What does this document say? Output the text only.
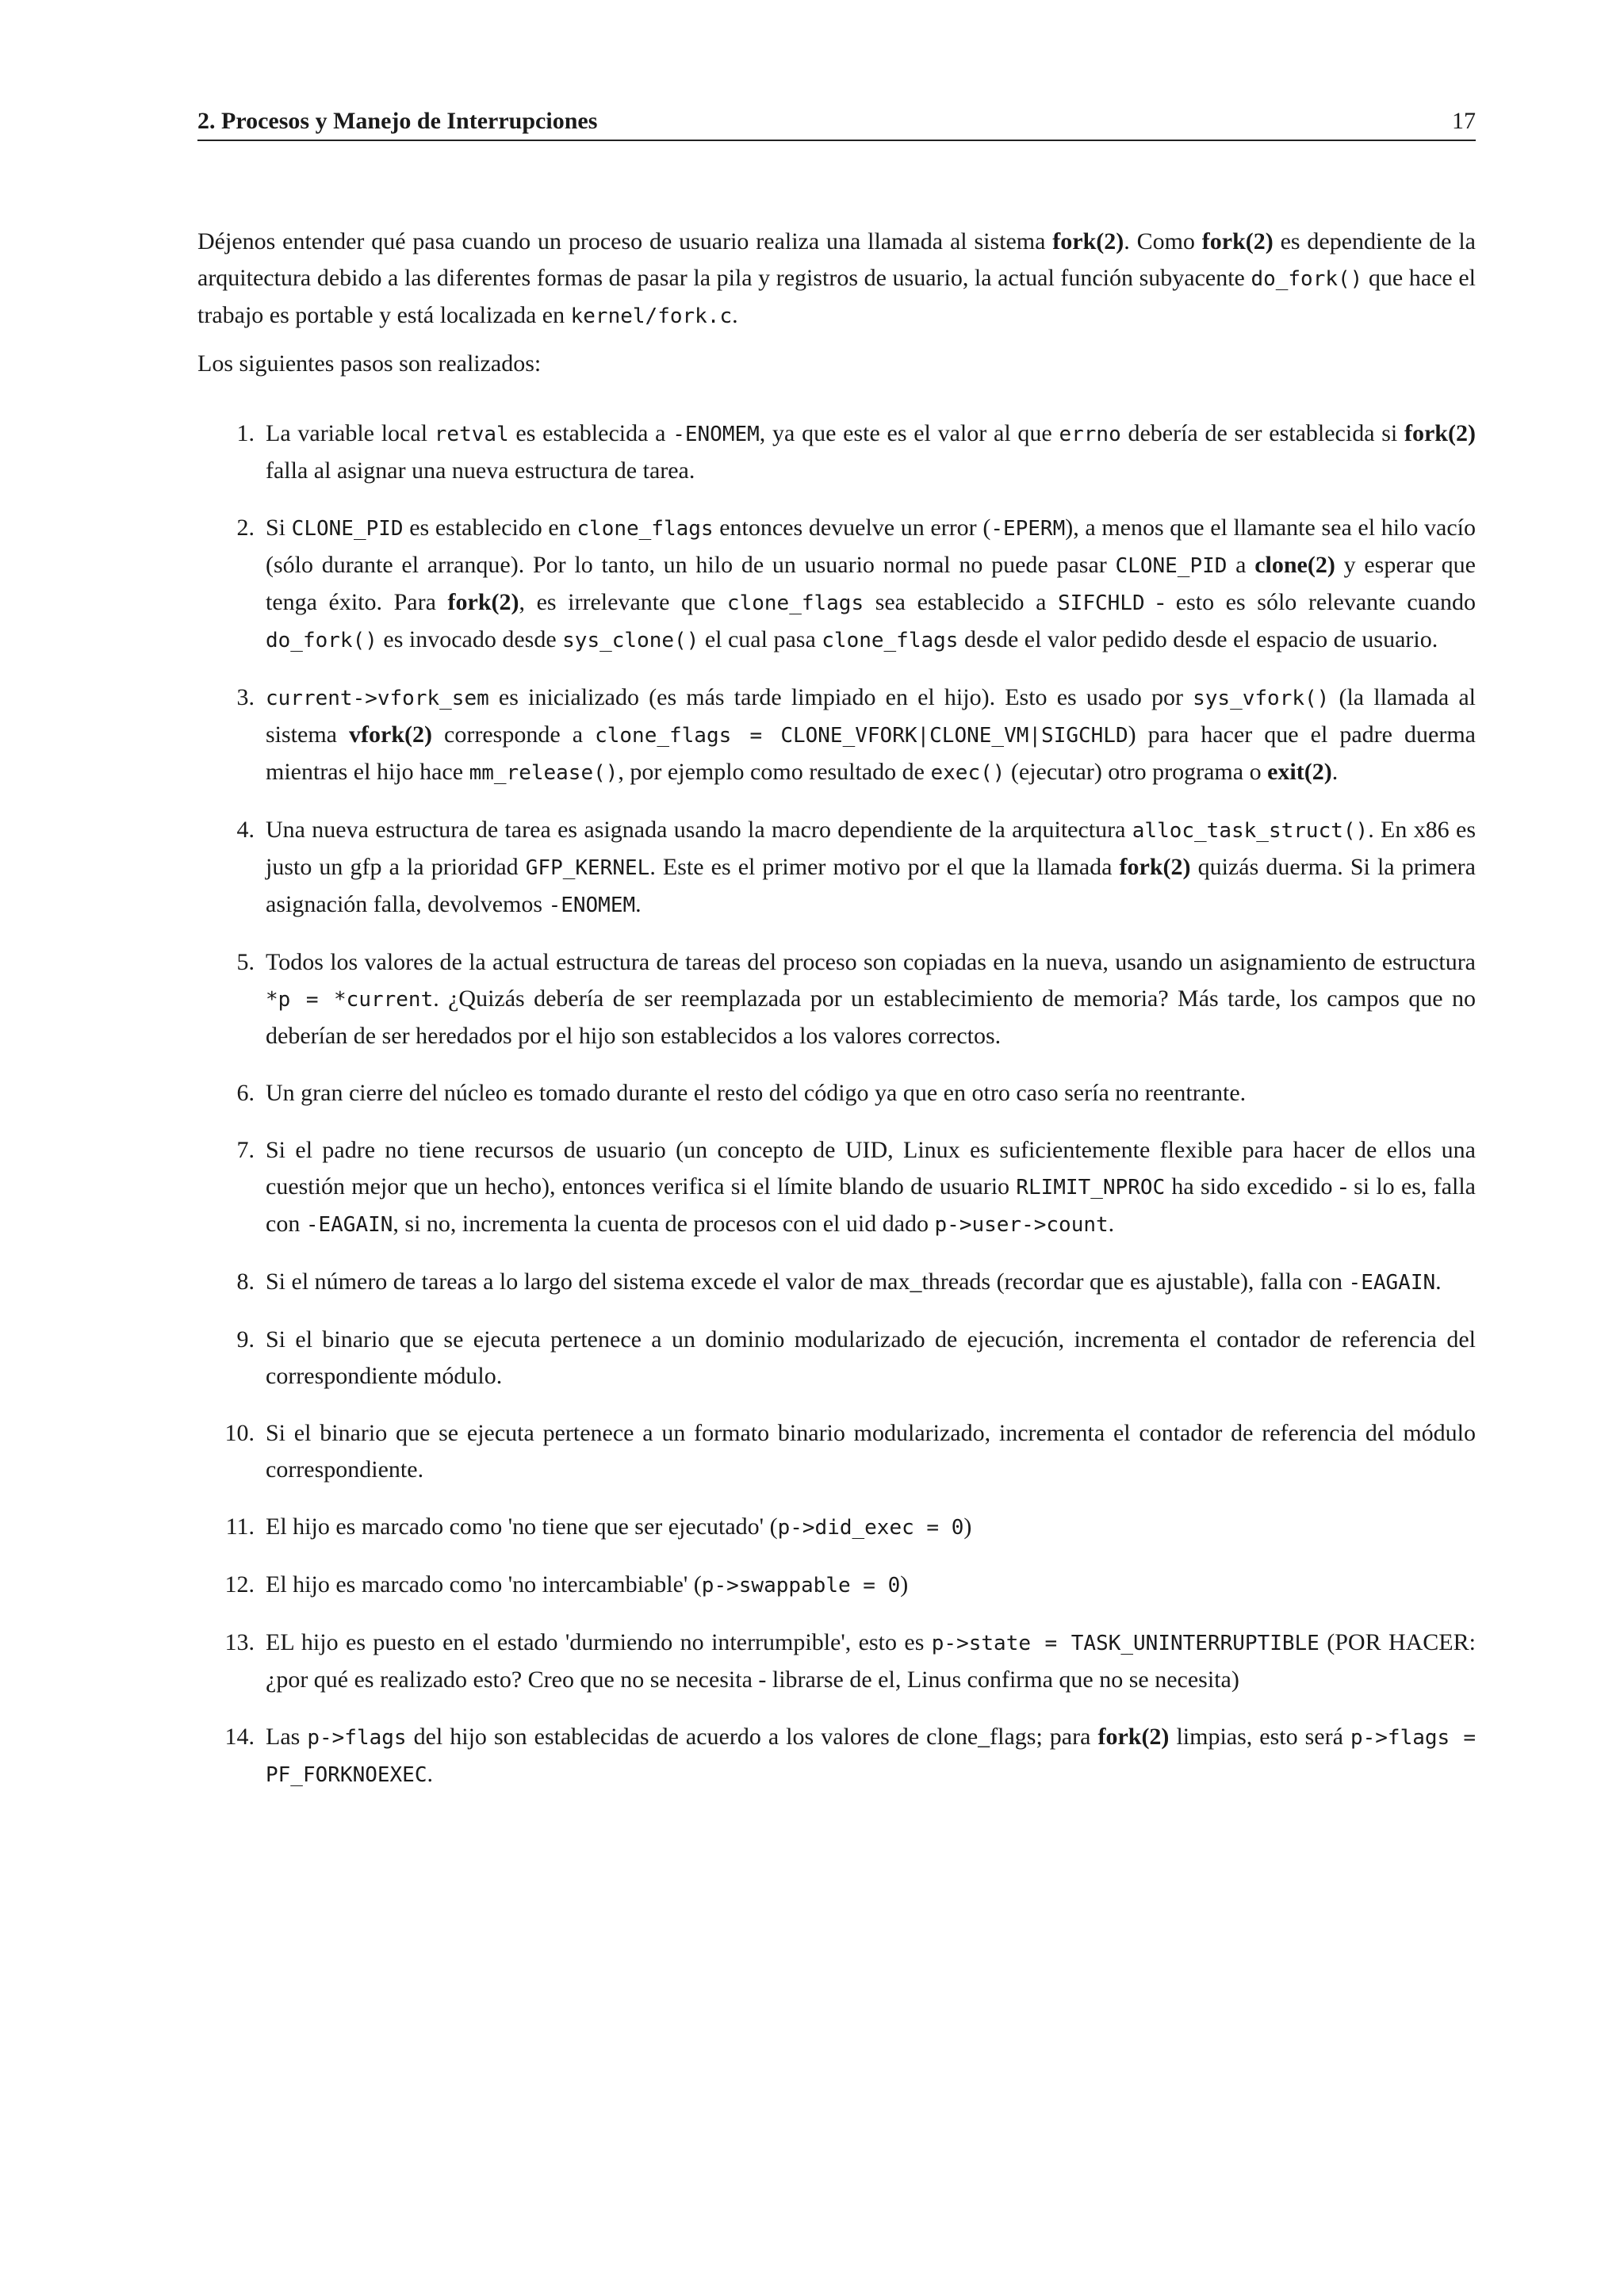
2. Procesos y Manejo de Interrupciones	17

Déjenos entender qué pasa cuando un proceso de usuario realiza una llamada al sistema fork(2). Como fork(2) es dependiente de la arquitectura debido a las diferentes formas de pasar la pila y registros de usuario, la actual función subyacente do_fork() que hace el trabajo es portable y está localizada en kernel/fork.c.

Los siguientes pasos son realizados:

1. La variable local retval es establecida a -ENOMEM, ya que este es el valor al que errno debería de ser establecida si fork(2) falla al asignar una nueva estructura de tarea.
2. Si CLONE_PID es establecido en clone_flags entonces devuelve un error (-EPERM), a menos que el llamante sea el hilo vacío (sólo durante el arranque). Por lo tanto, un hilo de un usuario normal no puede pasar CLONE_PID a clone(2) y esperar que tenga éxito. Para fork(2), es irrelevante que clone_flags sea establecido a SIFCHLD - esto es sólo relevante cuando do_fork() es invocado desde sys_clone() el cual pasa clone_flags desde el valor pedido desde el espacio de usuario.
3. current->vfork_sem es inicializado (es más tarde limpiado en el hijo). Esto es usado por sys_vfork() (la llamada al sistema vfork(2) corresponde a clone_flags = CLONE_VFORK|CLONE_VM|SIGCHLD) para hacer que el padre duerma mientras el hijo hace mm_release(), por ejemplo como resultado de exec() (ejecutar) otro programa o exit(2).
4. Una nueva estructura de tarea es asignada usando la macro dependiente de la arquitectura alloc_task_struct(). En x86 es justo un gfp a la prioridad GFP_KERNEL. Este es el primer motivo por el que la llamada fork(2) quizás duerma. Si la primera asignación falla, devolvemos -ENOMEM.
5. Todos los valores de la actual estructura de tareas del proceso son copiadas en la nueva, usando un asignamiento de estructura *p = *current. ¿Quizás debería de ser reemplazada por un establecimiento de memoria? Más tarde, los campos que no deberían de ser heredados por el hijo son establecidos a los valores correctos.
6. Un gran cierre del núcleo es tomado durante el resto del código ya que en otro caso sería no reentrante.
7. Si el padre no tiene recursos de usuario (un concepto de UID, Linux es suficientemente flexible para hacer de ellos una cuestión mejor que un hecho), entonces verifica si el límite blando de usuario RLIMIT_NPROC ha sido excedido - si lo es, falla con -EAGAIN, si no, incrementa la cuenta de procesos con el uid dado p->user->count.
8. Si el número de tareas a lo largo del sistema excede el valor de max_threads (recordar que es ajustable), falla con -EAGAIN.
9. Si el binario que se ejecuta pertenece a un dominio modularizado de ejecución, incrementa el contador de referencia del correspondiente módulo.
10. Si el binario que se ejecuta pertenece a un formato binario modularizado, incrementa el contador de referencia del módulo correspondiente.
11. El hijo es marcado como 'no tiene que ser ejecutado' (p->did_exec = 0)
12. El hijo es marcado como 'no intercambiable' (p->swappable = 0)
13. EL hijo es puesto en el estado 'durmiendo no interrumpible', esto es p->state = TASK_UNINTERRUPTIBLE (POR HACER: ¿por qué es realizado esto? Creo que no se necesita - librarse de el, Linus confirma que no se necesita)
14. Las p->flags del hijo son establecidas de acuerdo a los valores de clone_flags; para fork(2) limpias, esto será p->flags = PF_FORKNOEXEC.
